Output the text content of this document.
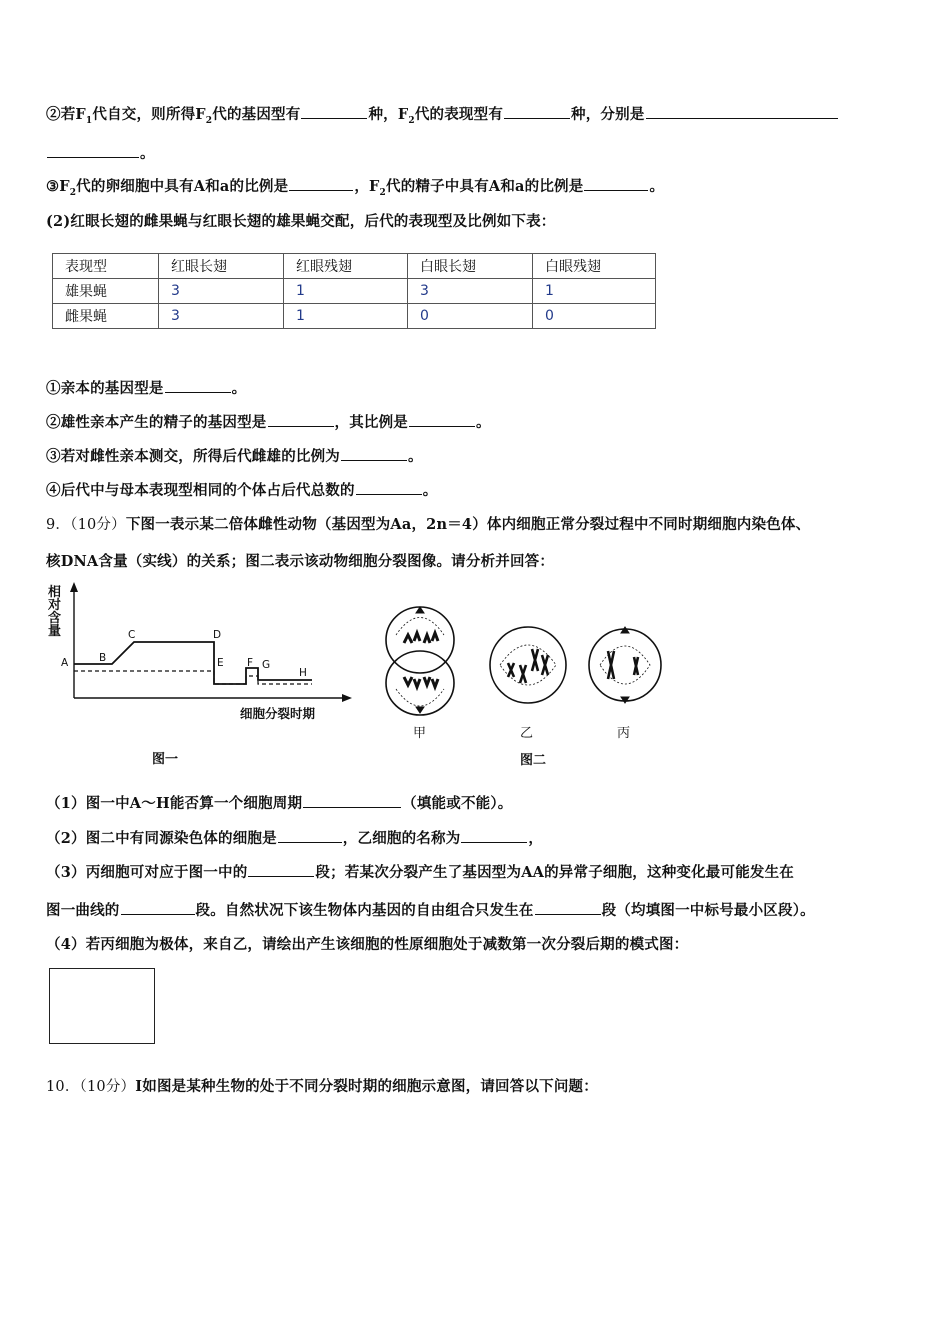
②若$F_1$代自交，则所得$F_2$代的基因型有	种，$F_2$代的表现型有	种，分别是
。
$③F_2$代的卵细胞中具有A和a的比例是	，$F_2$代的精子中具有A和a的比例是	。
(2)红眼长翅的雌果蝇与红眼长翅的雄果蝇交配，后代的表现型及比例如下表：
表现型	红眼长翅	红眼残翅	白眼长翅	白眼残翅
雄果蝇	3	1	3	1
雌果蝇	3	1	0	0
①亲本的基因型是	。
②雄性亲本产生的精子的基因型是	，其比例是	。
③若对雌性亲本测交，所得后代雌雄的比例为	。
④后代中与母本表现型相同的个体占后代总数的	。
9．（10分）下图一表示某二倍体雌性动物（基因型为Aa，2n＝4）体内细胞正常分裂过程中不同时期细胞内染色体、
核DNA含量（实线）的关系；图二表示该动物细胞分裂图像。请分析并回答：
相
对
含
量
A	B
C	D
E F G
H
细胞分裂时期
图一
甲	乙	丙
图二
（1）图一中A～H能否算一个细胞周期	（填能或不能）。
（2）图二中有同源染色体的细胞是	，乙细胞的名称为	，
（3）丙细胞可对应于图一中的	段；若某次分裂产生了基因型为AA的异常子细胞，这种变化最可能发生在
图一曲线的	段。自然状况下该生物体内基因的自由组合只发生在	段（均填图一中标号最小区段）。
（4）若丙细胞为极体，来自乙，请绘出产生该细胞的性原细胞处于减数第一次分裂后期的模式图：
10．（10分）I如图是某种生物的处于不同分裂时期的细胞示意图，请回答以下问题：
